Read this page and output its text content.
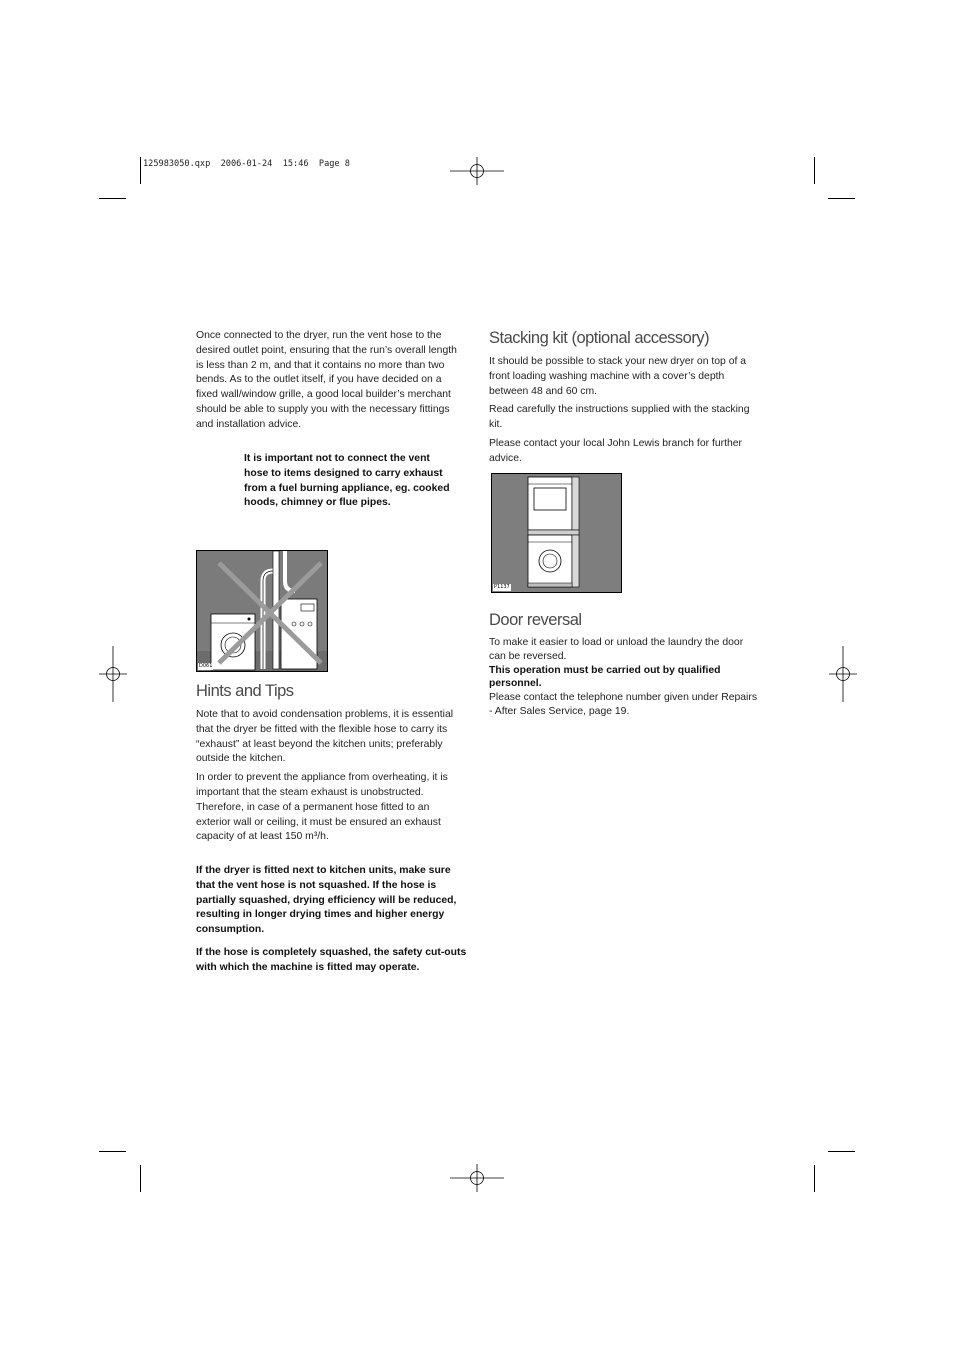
125983050.qxp  2006-01-24  15:46  Page 8

Once connected to the dryer, run the vent hose to the desired outlet point, ensuring that the run’s overall length is less than 2 m, and that it contains no more than two bends. As to the outlet itself, if you have decided on a fixed wall/window grille, a good local builder’s merchant should be able to supply you with the necessary fittings and installation advice.

It is important not to connect the vent hose to items designed to carry exhaust from a fuel burning appliance, eg. cooked hoods, chimney or flue pipes.
D061
Hints and Tips

Note that to avoid condensation problems, it is essential that the dryer be fitted with the flexible hose to carry its “exhaust” at least beyond the kitchen units; preferably outside the kitchen.

In order to prevent the appliance from overheating, it is important that the steam exhaust is unobstructed. Therefore, in case of a permanent hose fitted to an exterior wall or ceiling, it must be ensured an exhaust capacity of at least 150 m³/h.

If the dryer is fitted next to kitchen units, make sure that the vent hose is not squashed. If the hose is partially squashed, drying efficiency will be reduced, resulting in longer drying times and higher energy consumption.
If the hose is completely squashed, the safety cut-outs with which the machine is fitted may operate.
Stacking kit (optional accessory)

It should be possible to stack your new dryer on top of a front loading washing machine with a cover’s depth between 48 and 60 cm.

Read carefully the instructions supplied with the stacking kit.

Please contact your local John Lewis branch for further advice.

P1137
Door reversal

To make it easier to load or unload the laundry the door can be reversed.

This operation must be carried out by qualified personnel.

Please contact the telephone number given under Repairs - After Sales Service, page 19.
